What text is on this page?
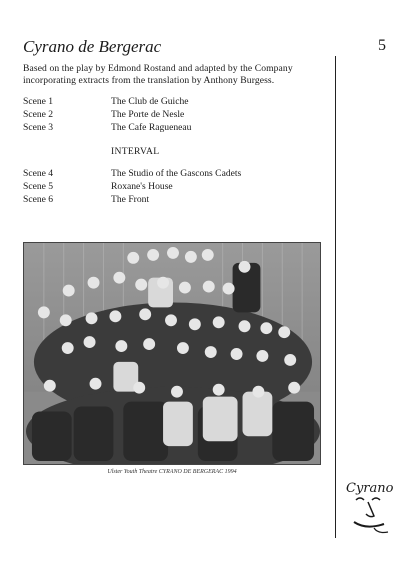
Cyrano de Bergerac	5
Based on the play by Edmond Rostand and adapted by the Company
incorporating extracts from the translation by Anthony Burgess.
Scene 1	The Club de Guiche
Scene 2	The Porte de Nesle
Scene 3	The Cafe Ragueneau
INTERVAL
Scene 4	The Studio of the Gascons Cadets
Scene 5	Roxane's House
Scene 6	The Front
Ulster Youth Theatre CYRANO DE BERGERAC 1994
Cyrano
